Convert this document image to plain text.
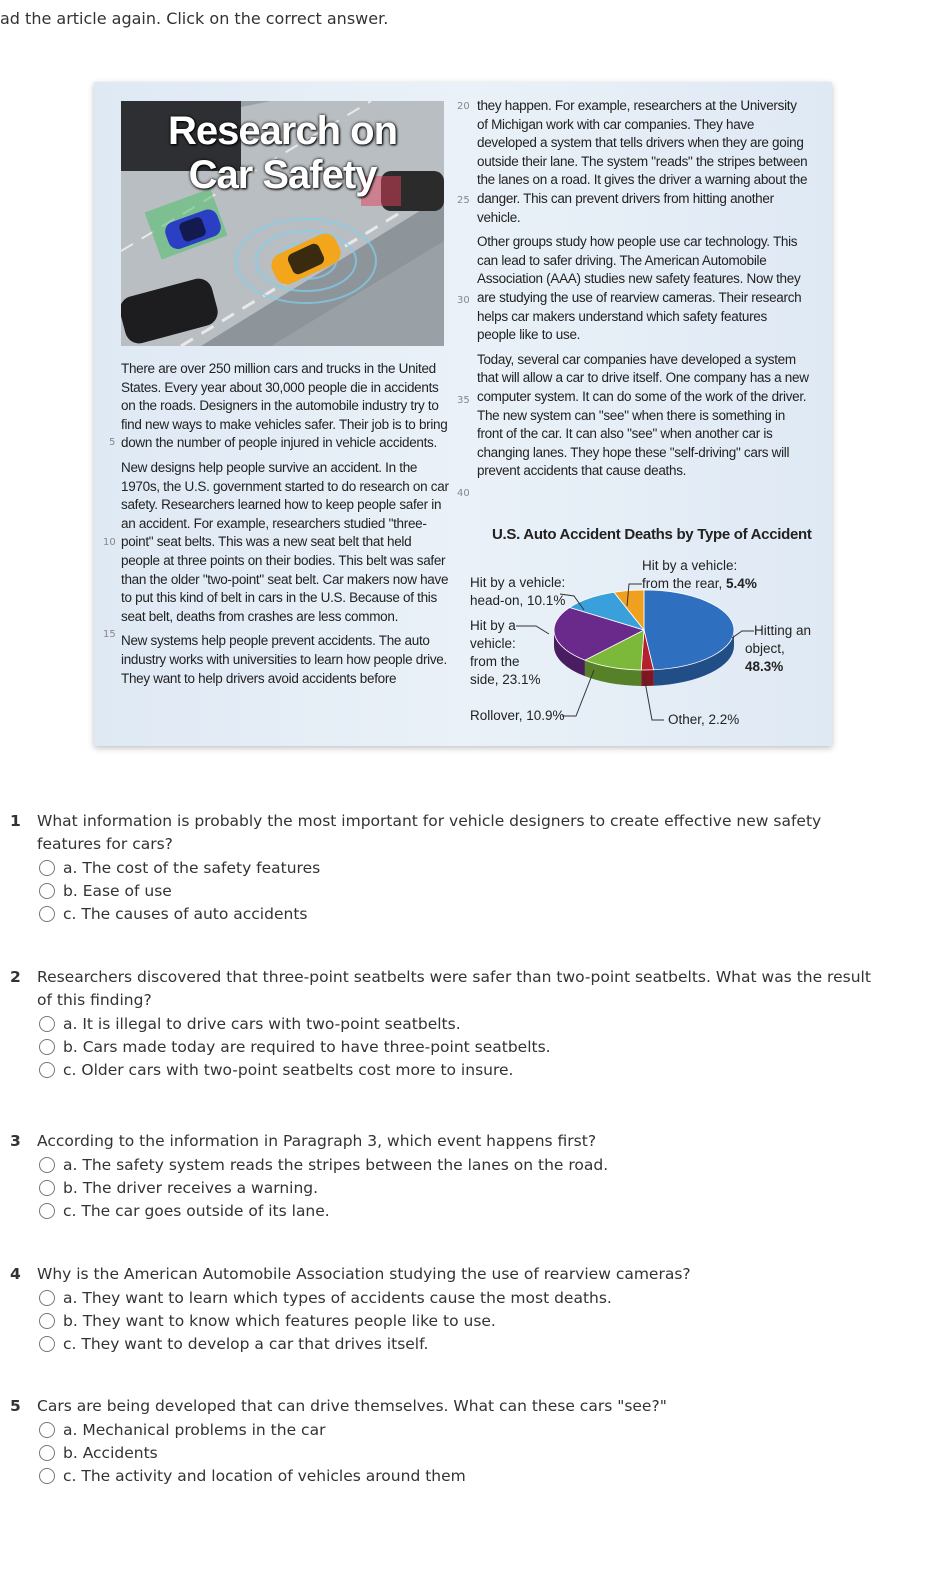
ad the article again. Click on the correct answer.
Research on
Car Safety

There are over 250 million cars and trucks in the United States. Every year about 30,000 people die in accidents on the roads. Designers in the automobile industry try to find new ways to make vehicles safer. Their job is to bring down the number of people injured in vehicle accidents.

New designs help people survive an accident. In the 1970s, the U.S. government started to do research on car safety. Researchers learned how to keep people safer in an accident. For example, researchers studied "three-point" seat belts. This was a new seat belt that held people at three points on their bodies. This belt was safer than the older "two-point" seat belt. Car makers now have to put this kind of belt in cars in the U.S. Because of this seat belt, deaths from crashes are less common.

New systems help people prevent accidents. The auto industry works with universities to learn how people drive. They want to help drivers avoid accidents before

5
10
15
20
25
30
35
40

they happen. For example, researchers at the University of Michigan work with car companies. They have developed a system that tells drivers when they are going outside their lane. The system "reads" the stripes between the lanes on a road. It gives the driver a warning about the danger. This can prevent drivers from hitting another vehicle.

Other groups study how people use car technology. This can lead to safer driving. The American Automobile Association (AAA) studies new safety features. Now they are studying the use of rearview cameras. Their research helps car makers understand which safety features people like to use.

Today, several car companies have developed a system that will allow a car to drive itself. One company has a new computer system. It can do some of the work of the driver. The new system can "see" when there is something in front of the car. It can also "see" when another car is changing lanes. They hope these "self-driving" cars will prevent accidents that cause deaths.

U.S. Auto Accident Deaths by Type of Accident
Hit by a vehicle:
from the rear, 5.4%
Hit by a vehicle:
head-on, 10.1%
Hit by a
vehicle:
from the
side, 23.1%
Rollover, 10.9%
Hitting an
object,
48.3%
Other, 2.2%
1 What information is probably the most important for vehicle designers to create effective new safety features for cars?
a. The cost of the safety features
b. Ease of use
c. The causes of auto accidents
2 Researchers discovered that three-point seatbelts were safer than two-point seatbelts. What was the result of this finding?
a. It is illegal to drive cars with two-point seatbelts.
b. Cars made today are required to have three-point seatbelts.
c. Older cars with two-point seatbelts cost more to insure.
3 According to the information in Paragraph 3, which event happens first?
a. The safety system reads the stripes between the lanes on the road.
b. The driver receives a warning.
c. The car goes outside of its lane.
4 Why is the American Automobile Association studying the use of rearview cameras?
a. They want to learn which types of accidents cause the most deaths.
b. They want to know which features people like to use.
c. They want to develop a car that drives itself.
5 Cars are being developed that can drive themselves. What can these cars "see?"
a. Mechanical problems in the car
b. Accidents
c. The activity and location of vehicles around them
